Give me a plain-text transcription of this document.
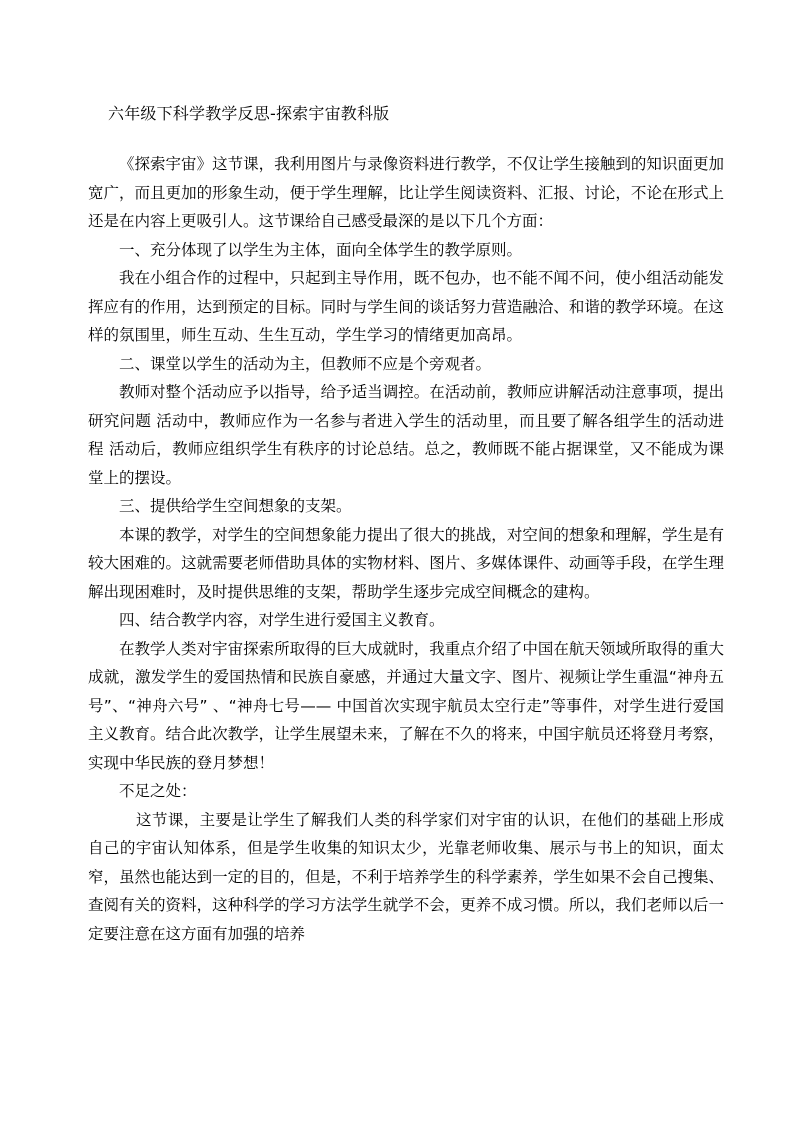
六年级下科学教学反思-探索宇宙教科版

《探索宇宙》这节课，我利用图片与录像资料进行教学，不仅让学生接触到的知识面更加宽广，而且更加的形象生动，便于学生理解，比让学生阅读资料、汇报、讨论，不论在形式上还是在内容上更吸引人。这节课给自己感受最深的是以下几个方面：

一、充分体现了以学生为主体，面向全体学生的教学原则。

我在小组合作的过程中，只起到主导作用，既不包办，也不能不闻不问，使小组活动能发挥应有的作用，达到预定的目标。同时与学生间的谈话努力营造融洽、和谐的教学环境。在这样的氛围里，师生互动、生生互动，学生学习的情绪更加高昂。

二、课堂以学生的活动为主，但教师不应是个旁观者。

教师对整个活动应予以指导，给予适当调控。在活动前，教师应讲解活动注意事项，提出研究问题 活动中，教师应作为一名参与者进入学生的活动里，而且要了解各组学生的活动进程 活动后，教师应组织学生有秩序的讨论总结。总之，教师既不能占据课堂，又不能成为课堂上的摆设。

三、提供给学生空间想象的支架。

本课的教学，对学生的空间想象能力提出了很大的挑战，对空间的想象和理解，学生是有较大困难的。这就需要老师借助具体的实物材料、图片、多媒体课件、动画等手段，在学生理解出现困难时，及时提供思维的支架，帮助学生逐步完成空间概念的建构。

四、结合教学内容，对学生进行爱国主义教育。

在教学人类对宇宙探索所取得的巨大成就时，我重点介绍了中国在航天领域所取得的重大成就，激发学生的爱国热情和民族自豪感，并通过大量文字、图片、视频让学生重温“神舟五号”、“神舟六号” 、“神舟七号—— 中国首次实现宇航员太空行走”等事件，对学生进行爱国主义教育。结合此次教学，让学生展望未来，了解在不久的将来，中国宇航员还将登月考察，实现中华民族的登月梦想！

不足之处：

这节课，主要是让学生了解我们人类的科学家们对宇宙的认识，在他们的基础上形成自己的宇宙认知体系，但是学生收集的知识太少，光靠老师收集、展示与书上的知识，面太窄，虽然也能达到一定的目的，但是，不利于培养学生的科学素养，学生如果不会自己搜集、查阅有关的资料，这种科学的学习方法学生就学不会，更养不成习惯。所以，我们老师以后一定要注意在这方面有加强的培养
